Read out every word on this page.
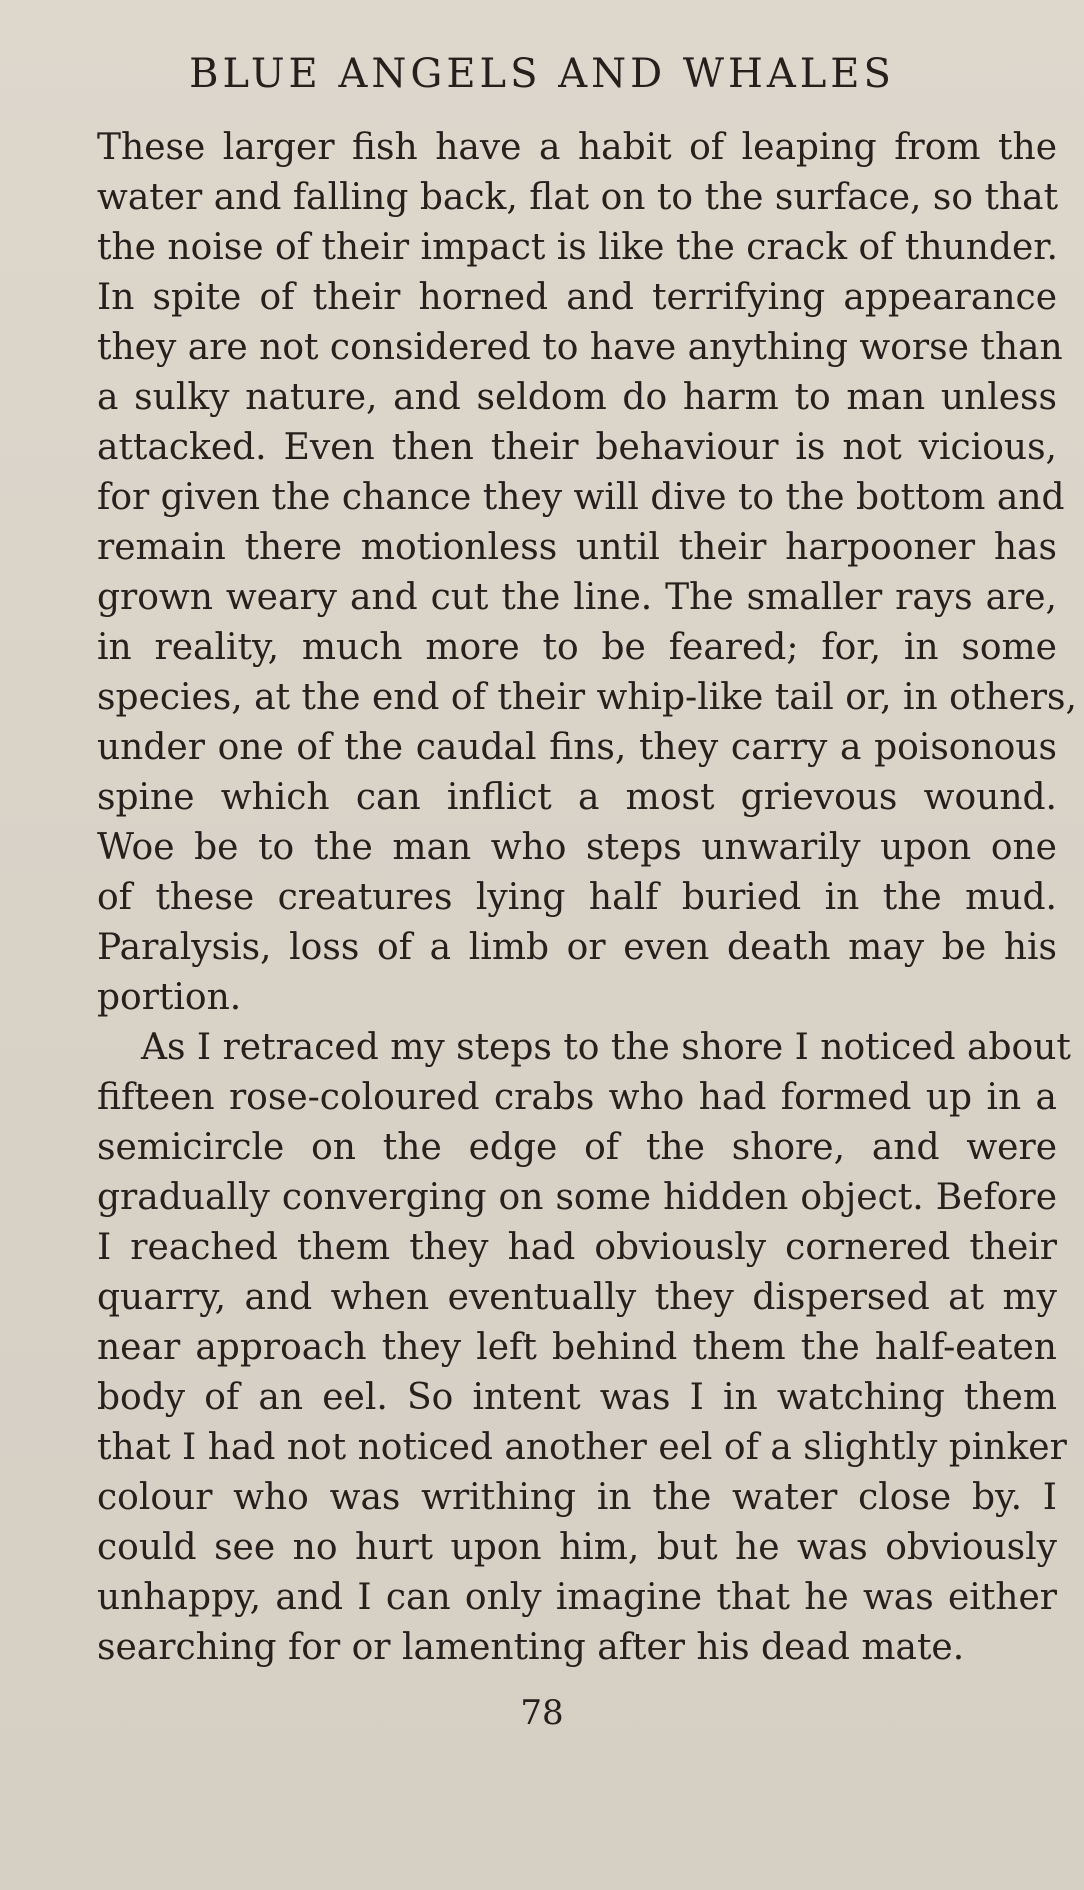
BLUE ANGELS AND WHALES
These larger fish have a habit of leaping from the
water and falling back, flat on to the surface, so that
the noise of their impact is like the crack of thunder.
In spite of their horned and terrifying appearance
they are not considered to have anything worse than
a sulky nature, and seldom do harm to man unless
attacked. Even then their behaviour is not vicious,
for given the chance they will dive to the bottom and
remain there motionless until their harpooner has
grown weary and cut the line. The smaller rays are,
in reality, much more to be feared; for, in some
species, at the end of their whip-like tail or, in others,
under one of the caudal fins, they carry a poisonous
spine which can inflict a most grievous wound.
Woe be to the man who steps unwarily upon one
of these creatures lying half buried in the mud.
Paralysis, loss of a limb or even death may be his
portion.
As I retraced my steps to the shore I noticed about
fifteen rose-coloured crabs who had formed up in a
semicircle on the edge of the shore, and were
gradually converging on some hidden object. Before
I reached them they had obviously cornered their
quarry, and when eventually they dispersed at my
near approach they left behind them the half-eaten
body of an eel. So intent was I in watching them
that I had not noticed another eel of a slightly pinker
colour who was writhing in the water close by. I
could see no hurt upon him, but he was obviously
unhappy, and I can only imagine that he was either
searching for or lamenting after his dead mate.
78
